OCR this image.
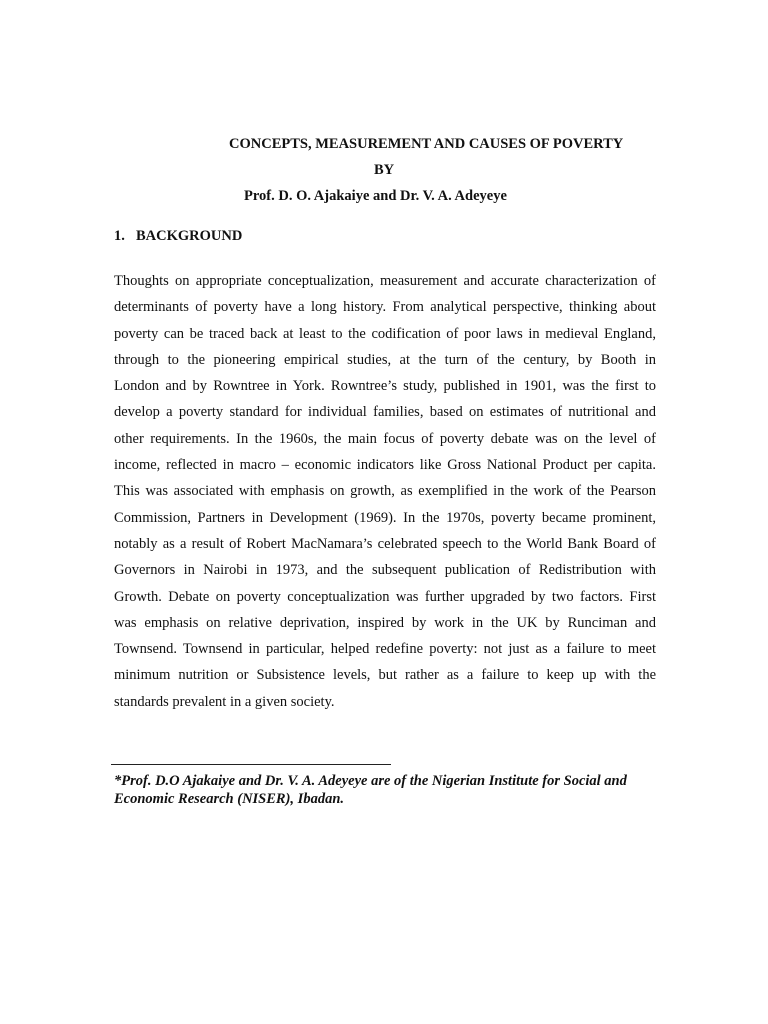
CONCEPTS, MEASUREMENT AND CAUSES OF POVERTY
BY
Prof. D. O. Ajakaiye and Dr. V. A. Adeyeye
1. BACKGROUND
Thoughts on appropriate conceptualization, measurement and accurate characterization of
determinants of poverty have a long history. From analytical perspective, thinking about
poverty can be traced back at least to the codification of poor laws in medieval England,
through to the pioneering empirical studies, at the turn of the century, by Booth in
London and by Rowntree in York. Rowntree’s study, published in 1901, was the first to
develop a poverty standard for individual families, based on estimates of nutritional and
other requirements. In the 1960s, the main focus of poverty debate was on the level of
income, reflected in macro – economic indicators like Gross National Product per capita.
This was associated with emphasis on growth, as exemplified in the work of the Pearson
Commission, Partners in Development (1969). In the 1970s, poverty became prominent,
notably as a result of Robert MacNamara’s celebrated speech to the World Bank Board of
Governors in Nairobi in 1973, and the subsequent publication of Redistribution with
Growth. Debate on poverty conceptualization was further upgraded by two factors. First
was emphasis on relative deprivation, inspired by work in the UK by Runciman and
Townsend. Townsend in particular, helped redefine poverty: not just as a failure to meet
minimum nutrition or Subsistence levels, but rather as a failure to keep up with the
standards prevalent in a given society.
*Prof. D.O Ajakaiye and Dr. V. A. Adeyeye are of the Nigerian Institute for Social and
Economic Research (NISER), Ibadan.
